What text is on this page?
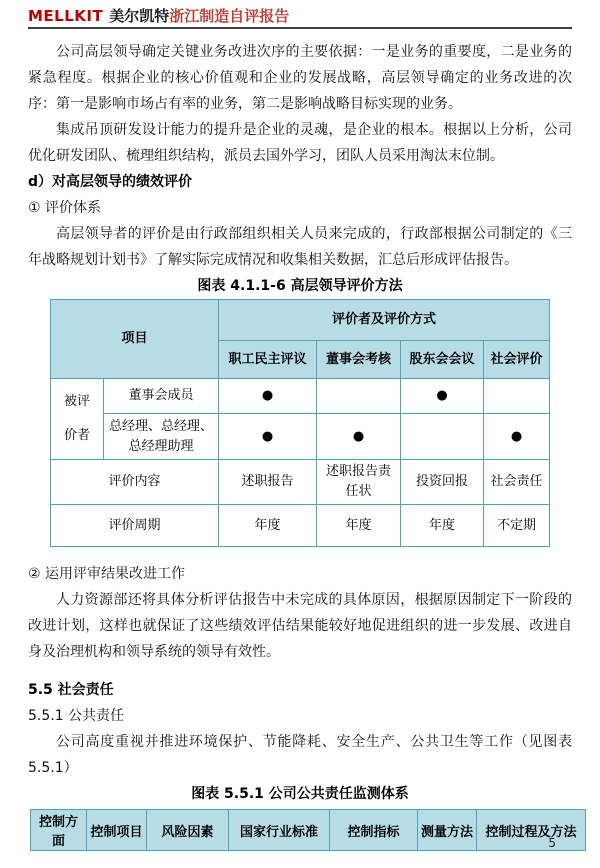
MELLKIT 美尔凯特浙江制造自评报告

公司高层领导确定关键业务改进次序的主要依据：一是业务的重要度，二是业务的紧急程度。根据企业的核心价值观和企业的发展战略，高层领导确定的业务改进的次序：第一是影响市场占有率的业务，第二是影响战略目标实现的业务。

集成吊顶研发设计能力的提升是企业的灵魂，是企业的根本。根据以上分析，公司优化研发团队、梳理组织结构，派员去国外学习，团队人员采用淘汰末位制。

d）对高层领导的绩效评价

① 评价体系

高层领导者的评价是由行政部组织相关人员来完成的，行政部根据公司制定的《三年战略规划计划书》了解实际完成情况和收集相关数据，汇总后形成评估报告。

图表 4.1.1-6 高层领导评价方法

项目		评价者及评价方式			
		职工民主评议	董事会考核	股东会会议	社会评价
被评价者	董事会成员	●		●	
	总经理、总经理、总经理助理	●	●		●
评价内容		述职报告	述职报告责任状	投资回报	社会责任
评价周期		年度	年度	年度	不定期

② 运用评审结果改进工作

人力资源部还将具体分析评估报告中未完成的具体原因，根据原因制定下一阶段的改进计划，这样也就保证了这些绩效评估结果能较好地促进组织的进一步发展、改进自身及治理机构和领导系统的领导有效性。

5.5 社会责任

5.5.1 公共责任

公司高度重视并推进环境保护、节能降耗、安全生产、公共卫生等工作（见图表 5.5.1）

图表 5.5.1 公司公共责任监测体系

控制方面	控制项目	风险因素	国家行业标准	控制指标	测量方法	控制过程及方法
5
